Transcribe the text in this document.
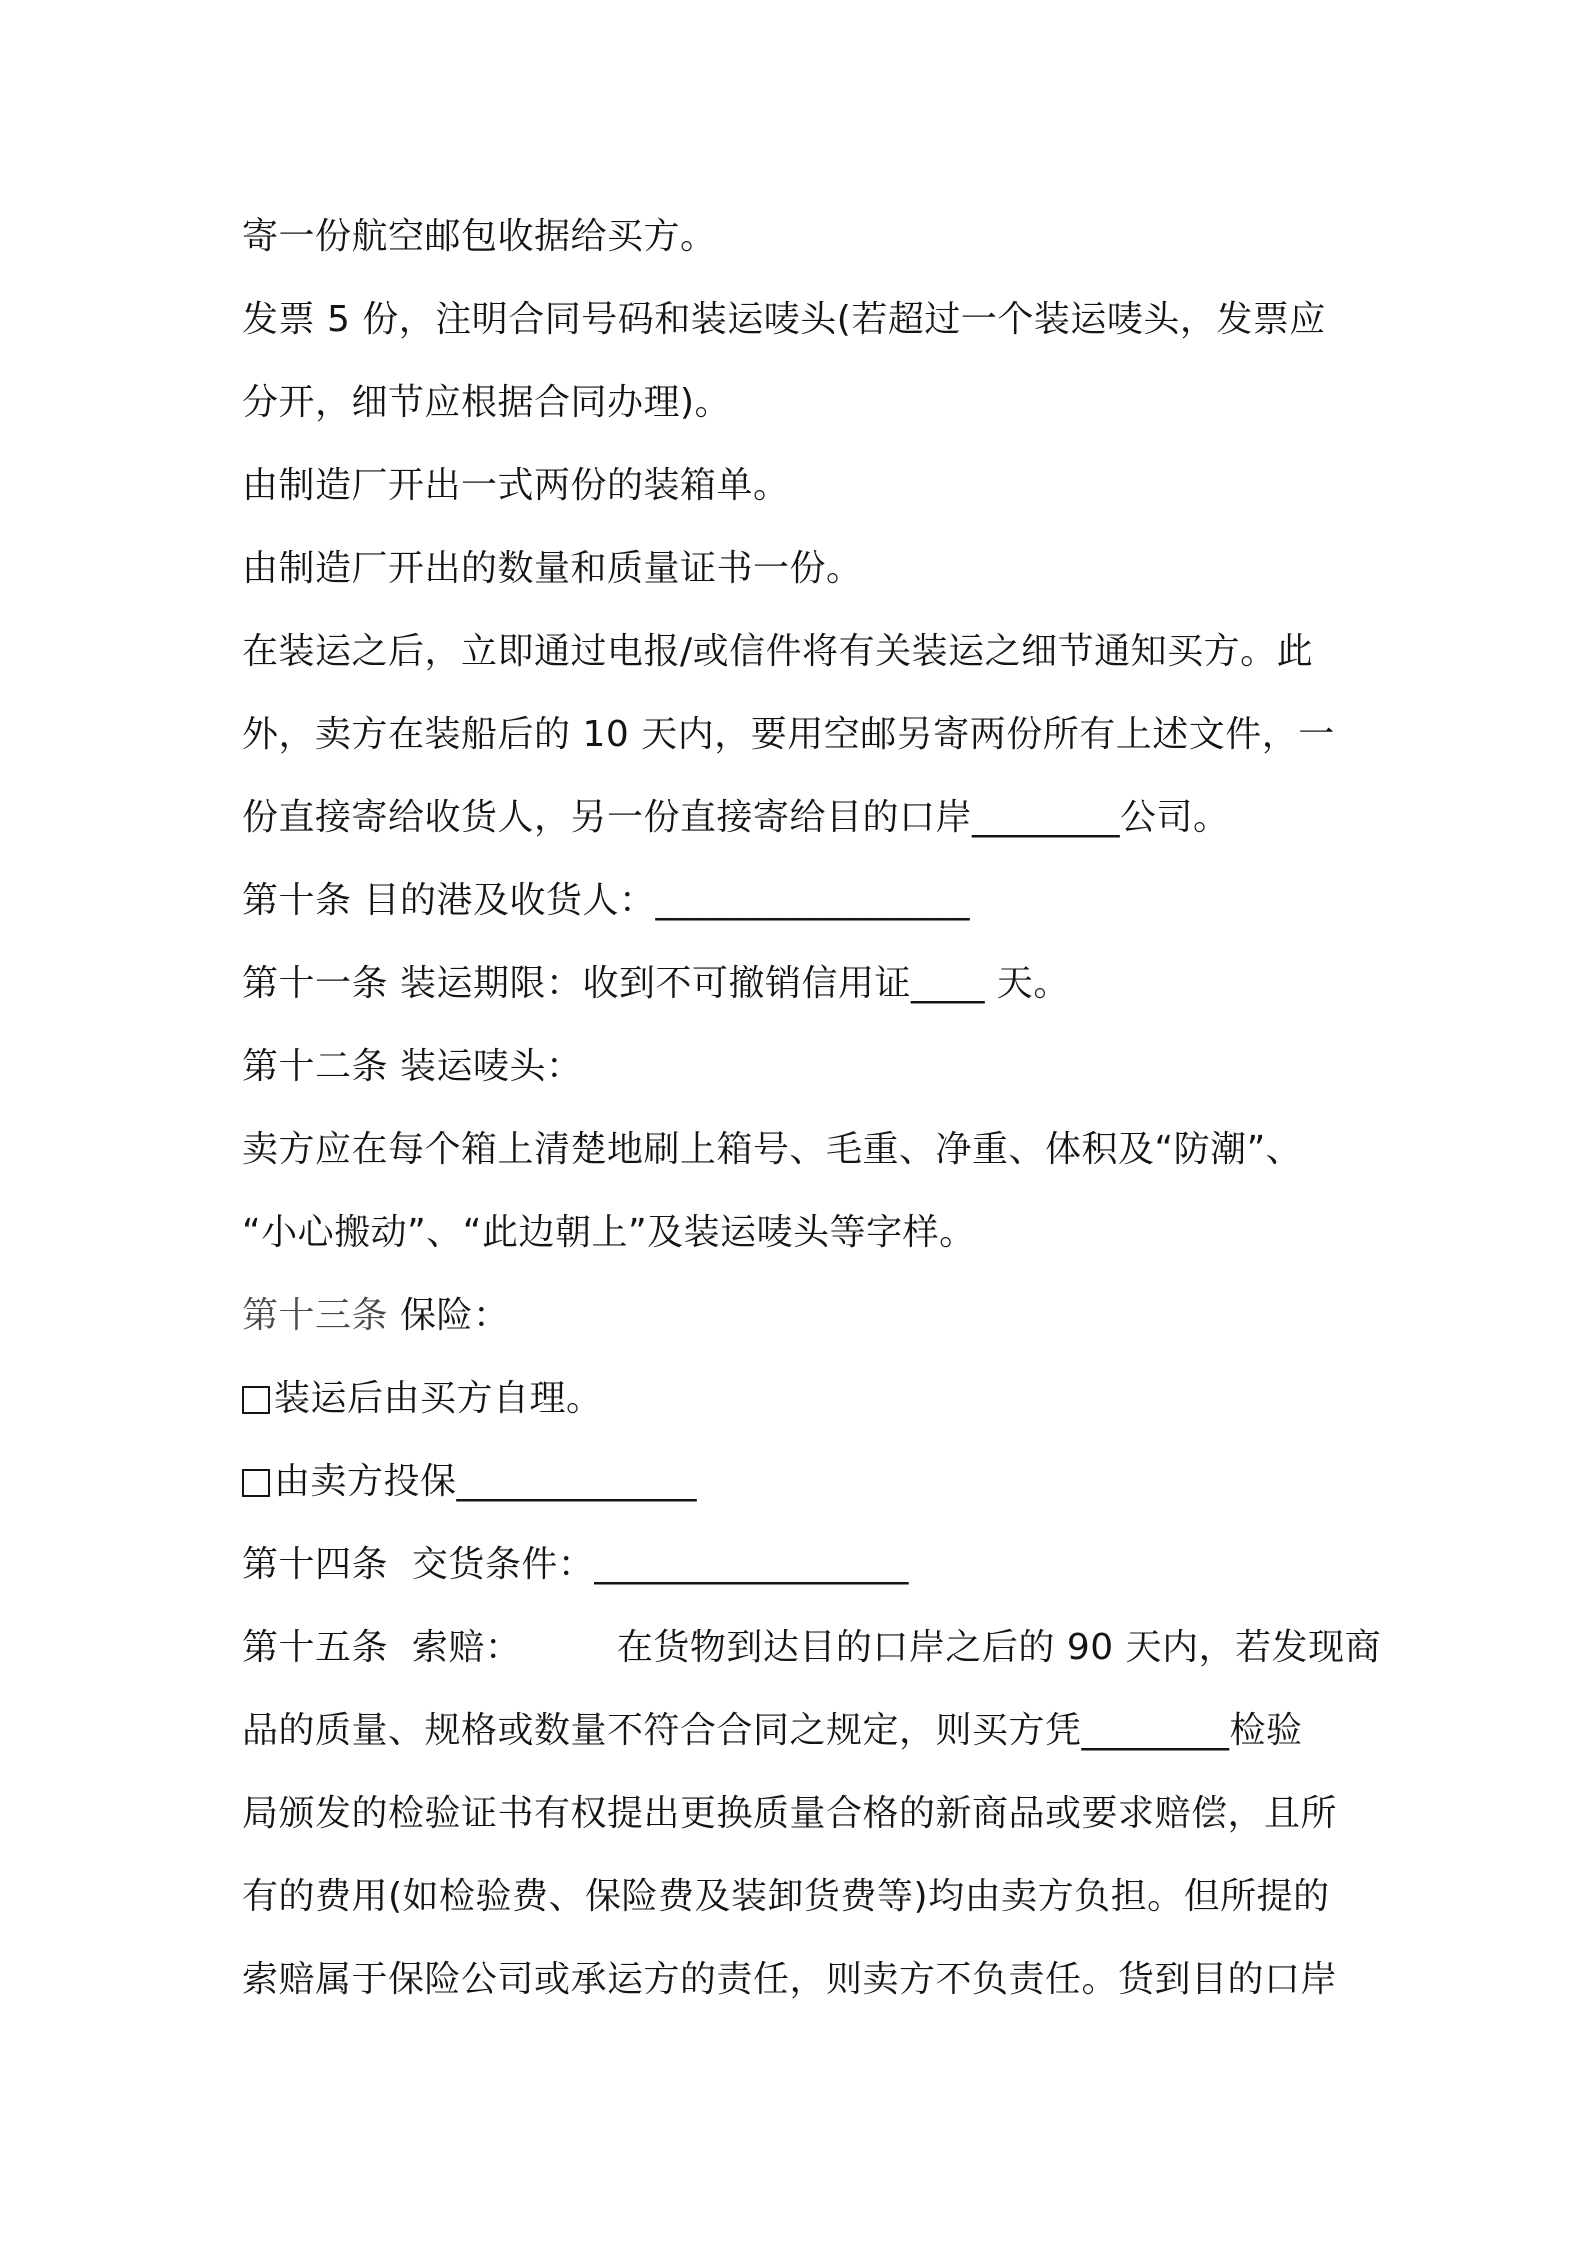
寄一份航空邮包收据给买方。
发票 5 份，注明合同号码和装运唛头(若超过一个装运唛头，发票应
分开，细节应根据合同办理)。
由制造厂开出一式两份的装箱单。
由制造厂开出的数量和质量证书一份。
在装运之后，立即通过电报/或信件将有关装运之细节通知买方。此
外，卖方在装船后的 10 天内，要用空邮另寄两份所有上述文件，一
份直接寄给收货人，另一份直接寄给目的口岸________公司。
第十条 目的港及收货人：_________________
第十一条 装运期限：收到不可撤销信用证____ 天。
第十二条 装运唛头：
卖方应在每个箱上清楚地刷上箱号、毛重、净重、体积及“防潮”、
“小心搬动”、“此边朝上”及装运唛头等字样。
第十三条 保险：
装运后由买方自理。
由卖方投保_____________
第十四条  交货条件：_________________
第十五条  索赔：        在货物到达目的口岸之后的 90 天内，若发现商
品的质量、规格或数量不符合合同之规定，则买方凭________检验
局颁发的检验证书有权提出更换质量合格的新商品或要求赔偿，且所
有的费用(如检验费、保险费及装卸货费等)均由卖方负担。但所提的
索赔属于保险公司或承运方的责任，则卖方不负责任。货到目的口岸
